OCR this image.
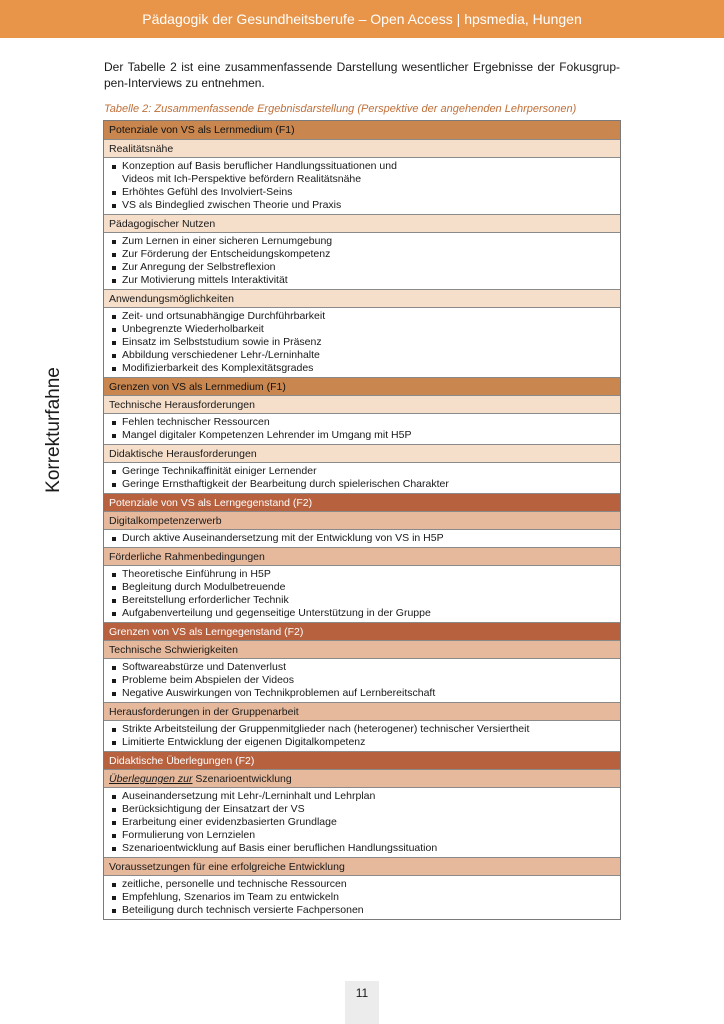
Pädagogik der Gesundheitsberufe – Open Access | hpsmedia, Hungen
Korrekturfahne
Der Tabelle 2 ist eine zusammenfassende Darstellung wesentlicher Ergebnisse der Fokusgrup-pen-Interviews zu entnehmen.
Tabelle 2: Zusammenfassende Ergebnisdarstellung (Perspektive der angehenden Lehrpersonen)
Potenziale von VS als Lernmedium (F1)
Realitätsnähe
Konzeption auf Basis beruflicher Handlungssituationen und
Videos mit Ich-Perspektive befördern Realitätsnähe
Erhöhtes Gefühl des Involviert-Seins
VS als Bindeglied zwischen Theorie und Praxis
Pädagogischer Nutzen
Zum Lernen in einer sicheren Lernumgebung
Zur Förderung der Entscheidungskompetenz
Zur Anregung der Selbstreflexion
Zur Motivierung mittels Interaktivität
Anwendungsmöglichkeiten
Zeit- und ortsunabhängige Durchführbarkeit
Unbegrenzte Wiederholbarkeit
Einsatz im Selbststudium sowie in Präsenz
Abbildung verschiedener Lehr-/Lerninhalte
Modifizierbarkeit des Komplexitätsgrades
Grenzen von VS als Lernmedium (F1)
Technische Herausforderungen
Fehlen technischer Ressourcen
Mangel digitaler Kompetenzen Lehrender im Umgang mit H5P
Didaktische Herausforderungen
Geringe Technikaffinität einiger Lernender
Geringe Ernsthaftigkeit der Bearbeitung durch spielerischen Charakter
Potenziale von VS als Lerngegenstand (F2)
Digitalkompetenzerwerb
Durch aktive Auseinandersetzung mit der Entwicklung von VS in H5P
Förderliche Rahmenbedingungen
Theoretische Einführung in H5P
Begleitung durch Modulbetreuende
Bereitstellung erforderlicher Technik
Aufgabenverteilung und gegenseitige Unterstützung in der Gruppe
Grenzen von VS als Lerngegenstand (F2)
Technische Schwierigkeiten
Softwareabstürze und Datenverlust
Probleme beim Abspielen der Videos
Negative Auswirkungen von Technikproblemen auf Lernbereitschaft
Herausforderungen in der Gruppenarbeit
Strikte Arbeitsteilung der Gruppenmitglieder nach (heterogener) technischer Versiertheit
Limitierte Entwicklung der eigenen Digitalkompetenz
Didaktische Überlegungen (F2)
Überlegungen zur Szenarioentwicklung
Auseinandersetzung mit Lehr-/Lerninhalt und Lehrplan
Berücksichtigung der Einsatzart der VS
Erarbeitung einer evidenzbasierten Grundlage
Formulierung von Lernzielen
Szenarioentwicklung auf Basis einer beruflichen Handlungssituation
Voraussetzungen für eine erfolgreiche Entwicklung
zeitliche, personelle und technische Ressourcen
Empfehlung, Szenarios im Team zu entwickeln
Beteiligung durch technisch versierte Fachpersonen
11
